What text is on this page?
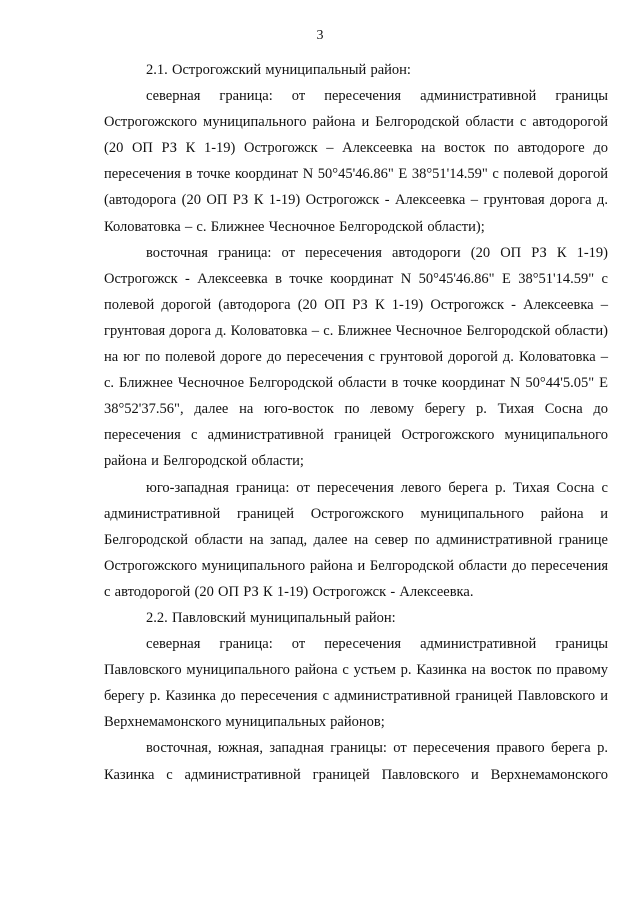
3

2.1. Острогожский муниципальный район:

северная граница: от пересечения административной границы Острогожского муниципального района и Белгородской области с автодорогой (20 ОП РЗ К 1-19) Острогожск – Алексеевка на восток по автодороге до пересечения в точке координат N 50°45'46.86" E 38°51'14.59" с полевой дорогой (автодорога (20 ОП РЗ К 1-19) Острогожск - Алексеевка – грунтовая дорога д. Коловатовка – с. Ближнее Чесночное Белгородской области);

восточная граница: от пересечения автодороги (20 ОП РЗ К 1-19) Острогожск - Алексеевка в точке координат N 50°45'46.86" E 38°51'14.59" с полевой дорогой (автодорога (20 ОП РЗ К 1-19) Острогожск - Алексеевка – грунтовая дорога д. Коловатовка – с. Ближнее Чесночное Белгородской области) на юг по полевой дороге до пересечения с грунтовой дорогой д. Коловатовка – с. Ближнее Чесночное Белгородской области в точке координат N 50°44'5.05" E 38°52'37.56", далее на юго-восток по левому берегу р. Тихая Сосна до пересечения с административной границей Острогожского муниципального района и Белгородской области;

юго-западная граница: от пересечения левого берега р. Тихая Сосна с административной границей Острогожского муниципального района и Белгородской области на запад, далее на север по административной границе Острогожского муниципального района и Белгородской области до пересечения с автодорогой (20 ОП РЗ К 1-19) Острогожск - Алексеевка.

2.2. Павловский муниципальный район:

северная граница: от пересечения административной границы Павловского муниципального района с устьем р. Казинка на восток по правому берегу р. Казинка до пересечения с административной границей Павловского и Верхнемамонского муниципальных районов;

восточная, южная, западная границы: от пересечения правого берега р. Казинка с административной границей Павловского и Верхнемамонского
